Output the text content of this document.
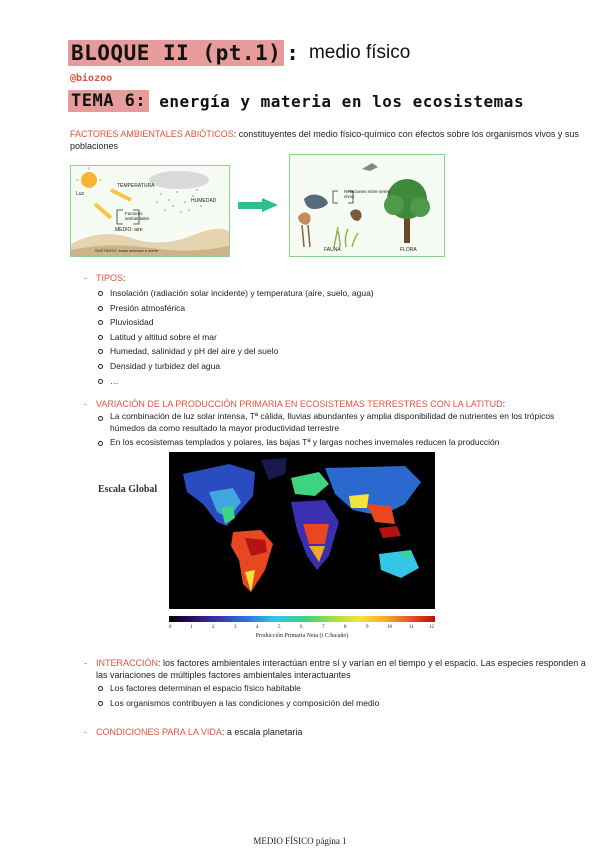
BLOQUE II (pt.1) : medio físico
@biozoo
TEMA 6: energía y materia en los ecosistemas
FACTORES AMBIENTALES ABIÓTICOS: constituyentes del medio físico-químico con efectos sobre los organismos vivos y sus poblaciones
Luz
TEMPERATURA
HUMEDAD
Factores ambientales
MEDIO: aire
SUSTRATO: suelo arenoso e inerte
Relaciones entre seres vivos
FAUNA	FLORA
- TIPOS:
Insolación (radiación solar incidente) y temperatura (aire, suelo, agua)
Presión atmosférica
Pluviosidad
Latitud y altitud sobre el mar
Humedad, salinidad y pH del aire y del suelo
Densidad y turbidez del agua
…
- VARIACIÓN DE LA PRODUCCIÓN PRIMARIA EN ECOSISTEMAS TERRESTRES CON LA LATITUD:
La combinación de luz solar intensa, Tª cálida, lluvias abundantes y amplia disponibilidad de nutrientes en los trópicos húmedos da como resultado la mayor productividad terrestre
En los ecosistemas templados y polares, las bajas Tª y largas noches invernales reducen la producción
Escala Global
0	1	2	3	4	5	6	7	8	9	10	11	12
Producción Primaria Neta (t C/ha/año)
- INTERACCIÓN: los factores ambientales interactúan entre sí y varían en el tiempo y el espacio. Las especies responden a las variaciones de múltiples factores ambientales interactuantes
Los factores determinan el espacio físico habitable
Los organismos contribuyen a las condiciones y composición del medio
- CONDICIONES PARA LA VIDA: a escala planetaria
MEDIO FÍSICO página 1
